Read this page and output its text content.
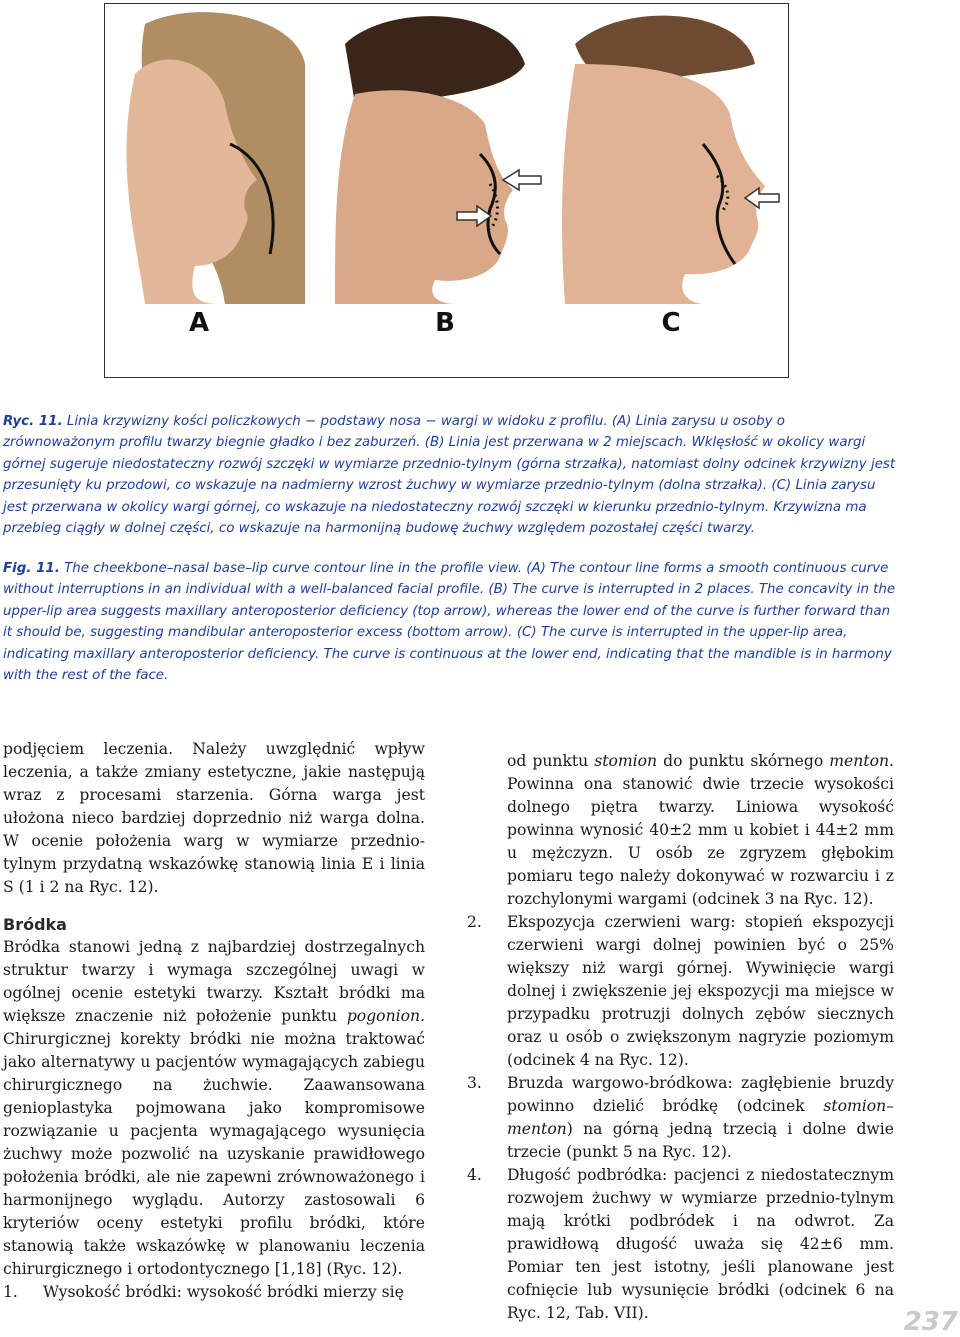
A	B	C

Ryc. 11. Linia krzywizny kości policzkowych − podstawy nosa − wargi w widoku z profilu. (A) Linia zarysu u osoby o zrównoważonym profilu twarzy biegnie gładko i bez zaburzeń. (B) Linia jest przerwana w 2 miejscach. Wklęsłość w okolicy wargi górnej sugeruje niedostateczny rozwój szczęki w wymiarze przednio-tylnym (górna strzałka), natomiast dolny odcinek krzywizny jest przesunięty ku przodowi, co wskazuje na nadmierny wzrost żuchwy w wymiarze przednio-tylnym (dolna strzałka). (C) Linia zarysu jest przerwana w okolicy wargi górnej, co wskazuje na niedostateczny rozwój szczęki w kierunku przednio-tylnym. Krzywizna ma przebieg ciągły w dolnej części, co wskazuje na harmonijną budowę żuchwy względem pozostałej części twarzy.

Fig. 11. The cheekbone–nasal base–lip curve contour line in the profile view. (A) The contour line forms a smooth continuous curve without interruptions in an individual with a well-balanced facial profile. (B) The curve is interrupted in 2 places. The concavity in the upper-lip area suggests maxillary anteroposterior deficiency (top arrow), whereas the lower end of the curve is further forward than it should be, suggesting mandibular anteroposterior excess (bottom arrow). (C) The curve is interrupted in the upper-lip area, indicating maxillary anteroposterior deficiency. The curve is continuous at the lower end, indicating that the mandible is in harmony with the rest of the face.

podjęciem leczenia. Należy uwzględnić wpływ leczenia, a także zmiany estetyczne, jakie następują wraz z procesami starzenia. Górna warga jest ułożona nieco bardziej doprzednio niż warga dolna. W ocenie położenia warg w wymiarze przednio-tylnym przydatną wskazówkę stanowią linia E i linia S (1 i 2 na Ryc. 12).

Bródka

Bródka stanowi jedną z najbardziej dostrzegalnych struktur twarzy i wymaga szczególnej uwagi w ogólnej ocenie estetyki twarzy. Kształt bródki ma większe znaczenie niż położenie punktu pogonion. Chirurgicznej korekty bródki nie można traktować jako alternatywy u pacjentów wymagających zabiegu chirurgicznego na żuchwie. Zaawansowana genioplastyka pojmowana jako kompromisowe rozwiązanie u pacjenta wymagającego wysunięcia żuchwy może pozwolić na uzyskanie prawidłowego położenia bródki, ale nie zapewni zrównoważonego i harmonijnego wyglądu. Autorzy zastosowali 6 kryteriów oceny estetyki profilu bródki, które stanowią także wskazówkę w planowaniu leczenia chirurgicznego i ortodontycznego [1,18] (Ryc. 12).

1.	Wysokość bródki: wysokość bródki mierzy się

od punktu stomion do punktu skórnego menton. Powinna ona stanowić dwie trzecie wysokości dolnego piętra twarzy. Liniowa wysokość powinna wynosić 40±2 mm u kobiet i 44±2 mm u mężczyzn. U osób ze zgryzem głębokim pomiaru tego należy dokonywać w rozwarciu i z rozchylonymi wargami (odcinek 3 na Ryc. 12).

2.	Ekspozycja czerwieni warg: stopień ekspozycji czerwieni wargi dolnej powinien być o 25% większy niż wargi górnej. Wywinięcie wargi dolnej i zwiększenie jej ekspozycji ma miejsce w przypadku protruzji dolnych zębów siecznych oraz u osób o zwiększonym nagryzie poziomym (odcinek 4 na Ryc. 12).
3.	Bruzda wargowo-bródkowa: zagłębienie bruzdy powinno dzielić bródkę (odcinek stomion–menton) na górną jedną trzecią i dolne dwie trzecie (punkt 5 na Ryc. 12).
4.	Długość podbródka: pacjenci z niedostatecznym rozwojem żuchwy w wymiarze przednio-tylnym mają krótki podbródek i na odwrot. Za prawidłową długość uważa się 42±6 mm. Pomiar ten jest istotny, jeśli planowane jest cofnięcie lub wysunięcie bródki (odcinek 6 na Ryc. 12, Tab. VII).	237
